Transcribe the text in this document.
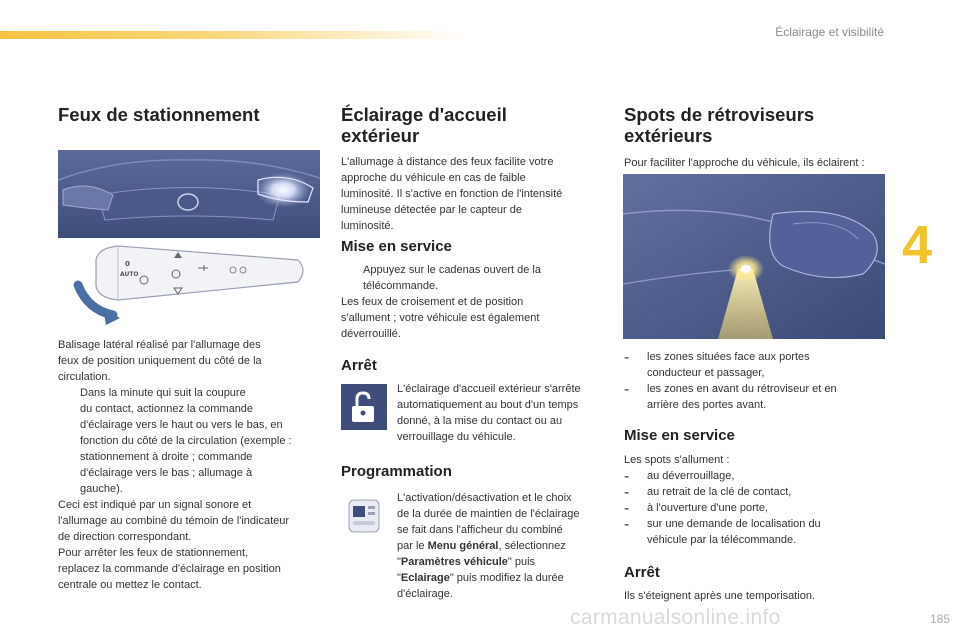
Éclairage et visibilité
4
Feux de stationnement
0
AUTO

Balisage latéral réalisé par l'allumage des

feux de position uniquement du côté de la

circulation.

Dans la minute qui suit la coupure

du contact, actionnez la commande

d'éclairage vers le haut ou vers le bas, en

fonction du côté de la circulation (exemple :

stationnement à droite ; commande

d'éclairage vers le bas ; allumage à

gauche).

Ceci est indiqué par un signal sonore et

l'allumage au combiné du témoin de l'indicateur

de direction correspondant.

Pour arrêter les feux de stationnement,

replacez la commande d'éclairage en position

centrale ou mettez le contact.

Éclairage d'accueil
extérieur

L'allumage à distance des feux facilite votre

approche du véhicule en cas de faible

luminosité. Il s'active en fonction de l'intensité

lumineuse détectée par le capteur de

luminosité.

Mise en service

Appuyez sur le cadenas ouvert de la

télécommande.

Les feux de croisement et de position

s'allument ; votre véhicule est également

déverrouillé.

Arrêt

L'éclairage d'accueil extérieur s'arrête

automatiquement au bout d'un temps

donné, à la mise du contact ou au

verrouillage du véhicule.

Programmation

L'activation/désactivation et le choix

de la durée de maintien de l'éclairage

se fait dans l'afficheur du combiné

par le Menu général, sélectionnez

"Paramètres véhicule" puis

"Eclairage" puis modifiez la durée

d'éclairage.

Spots de rétroviseurs
extérieurs

Pour faciliter l'approche du véhicule, ils éclairent :

- les zones situées face aux portes

conducteur et passager,

- les zones en avant du rétroviseur et en

arrière des portes avant.

Mise en service

Les spots s'allument :

- au déverrouillage,

- au retrait de la clé de contact,

- à l'ouverture d'une porte,

- sur une demande de localisation du

véhicule par la télécommande.

Arrêt

Ils s'éteignent après une temporisation.

carmanualsonline.info	185
